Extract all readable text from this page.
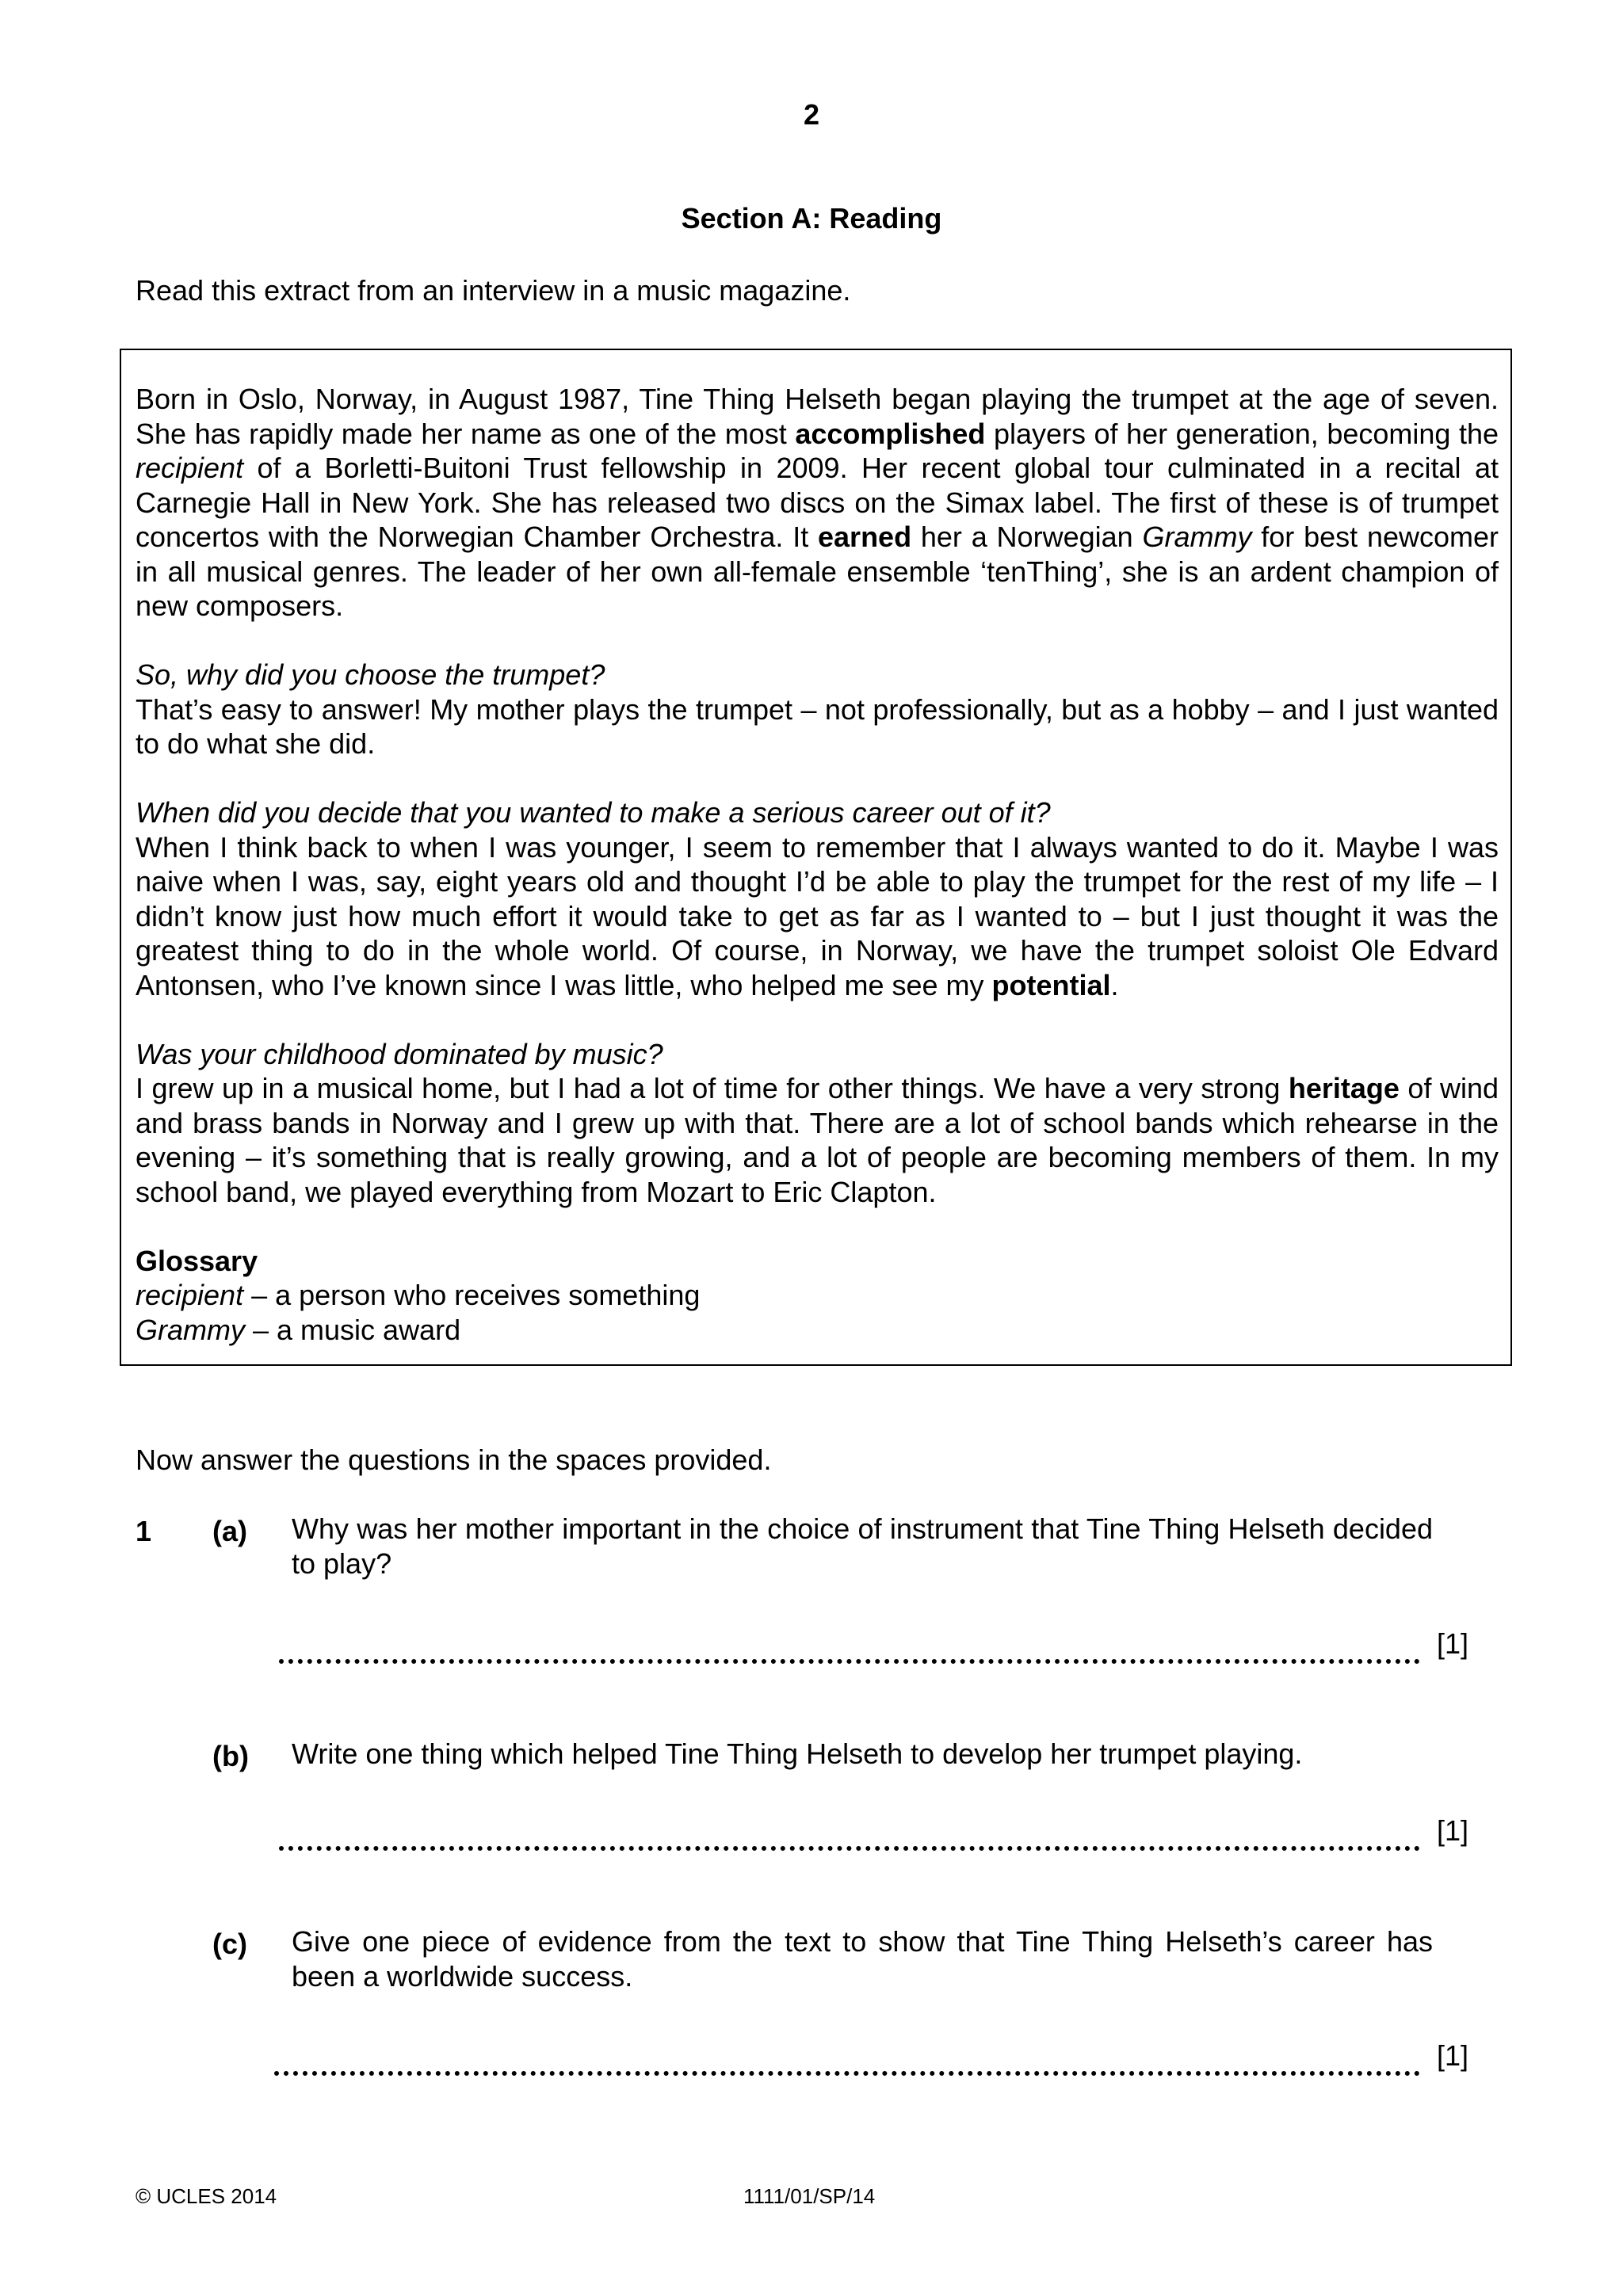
2
Section A: Reading
Read this extract from an interview in a music magazine.

Born in Oslo, Norway, in August 1987, Tine Thing Helseth began playing the trumpet at the age of seven. She has rapidly made her name as one of the most accomplished players of her generation, becoming the recipient of a Borletti-Buitoni Trust fellowship in 2009. Her recent global tour culminated in a recital at Carnegie Hall in New York. She has released two discs on the Simax label. The first of these is of trumpet concertos with the Norwegian Chamber Orchestra. It earned her a Norwegian Grammy for best newcomer in all musical genres. The leader of her own all-female ensemble ‘tenThing’, she is an ardent champion of new composers.

So, why did you choose the trumpet?

That’s easy to answer! My mother plays the trumpet – not professionally, but as a hobby – and I just wanted to do what she did.

When did you decide that you wanted to make a serious career out of it?

When I think back to when I was younger, I seem to remember that I always wanted to do it. Maybe I was naive when I was, say, eight years old and thought I’d be able to play the trumpet for the rest of my life – I didn’t know just how much effort it would take to get as far as I wanted to – but I just thought it was the greatest thing to do in the whole world. Of course, in Norway, we have the trumpet soloist Ole Edvard Antonsen, who I’ve known since I was little, who helped me see my potential.

Was your childhood dominated by music?

I grew up in a musical home, but I had a lot of time for other things. We have a very strong heritage of wind and brass bands in Norway and I grew up with that. There are a lot of school bands which rehearse in the evening – it’s something that is really growing, and a lot of people are becoming members of them. In my school band, we played everything from Mozart to Eric Clapton.

Glossary

recipient – a person who receives something

Grammy – a music award

Now answer the questions in the spaces provided.
1 (a) Why was her mother important in the choice of instrument that Tine Thing Helseth decided to play?
[1]
(b) Write one thing which helped Tine Thing Helseth to develop her trumpet playing.
[1]
(c) Give one piece of evidence from the text to show that Tine Thing Helseth’s career has been a worldwide success.
[1]
© UCLES 2014	1111/01/SP/14
